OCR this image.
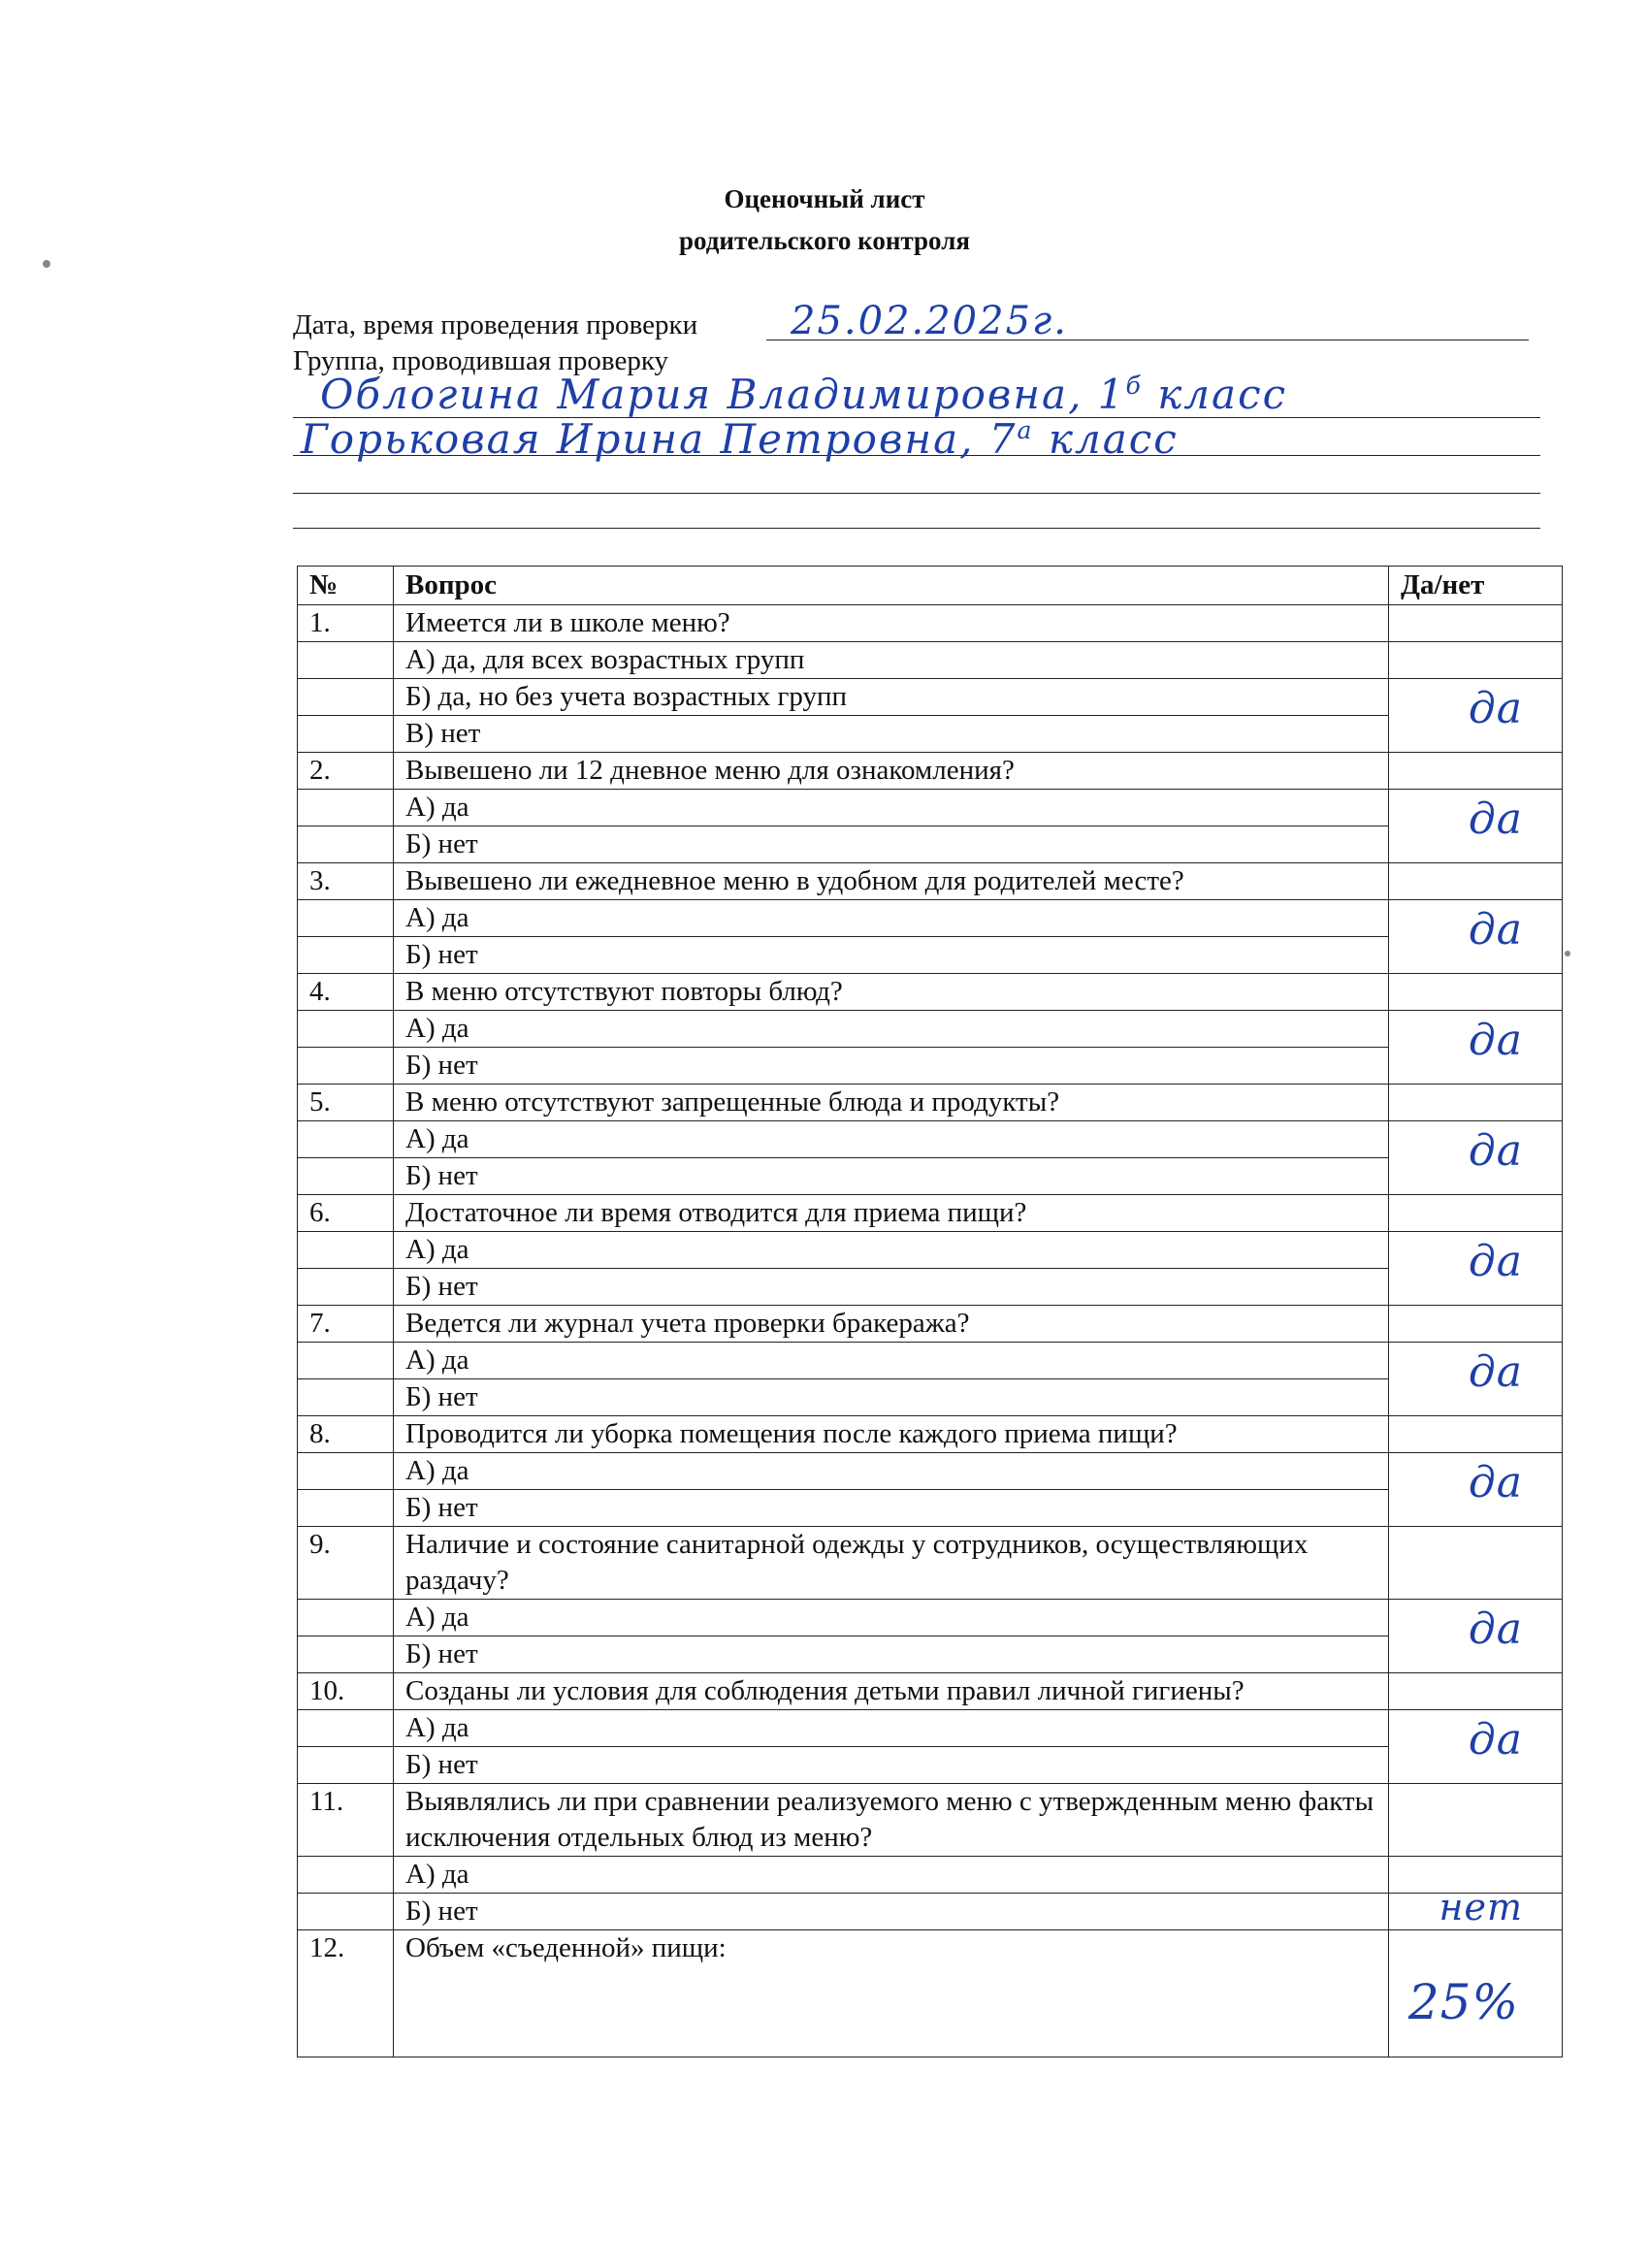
Оценочный лист
родительского контроля
Дата, время проведения проверки 25.02.2025г.
Группа, проводившая проверку
Облогина Мария Владимировна, $1^б$ класс
Горьковая Ирина Петровна, $7^а$ класс
№	Вопрос	Да/нет
1.	Имеется ли в школе меню?	
	А) да, для всех возрастных групп	
	Б) да, но без учета возрастных групп	да

	В) нет	
2.	Вывешено ли 12 дневное меню для ознакомления?	
	А) да	да

	Б) нет	
3.	Вывешено ли ежедневное меню в удобном для родителей месте?	
	А) да	да

	Б) нет	
4.	В меню отсутствуют повторы блюд?	
	А) да	да

	Б) нет	
5.	В меню отсутствуют запрещенные блюда и продукты?	
	А) да	да

	Б) нет	
6.	Достаточное ли время отводится для приема пищи?	
	А) да	да

	Б) нет	
7.	Ведется ли журнал учета проверки бракеража?	
	А) да	да

	Б) нет	
8.	Проводится ли уборка помещения после каждого приема пищи?	
	А) да	да

	Б) нет	
9.	Наличие и состояние санитарной одежды у сотрудников, осуществляющих раздачу?	
	А) да	да

	Б) нет	
10.	Созданы ли условия для соблюдения детьми правил личной гигиены?	
	А) да	да

	Б) нет	
11.	Выявлялись ли при сравнении реализуемого меню с утвержденным меню факты исключения отдельных блюд из меню?	
	А) да	
	Б) нет	нет

12.	Объем «съеденной» пищи:	25%
